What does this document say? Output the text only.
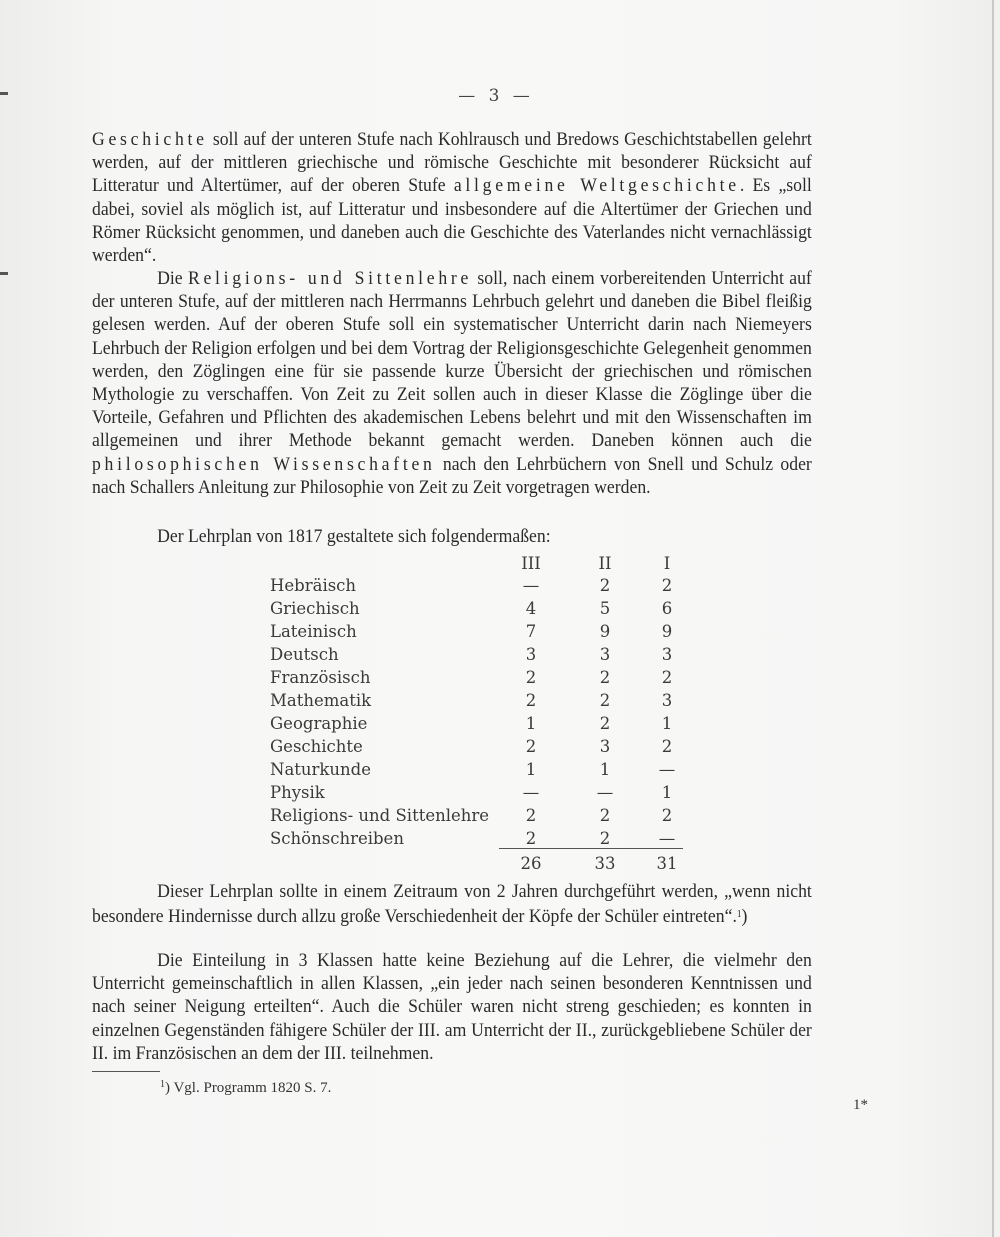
— 3 —

Geschichte soll auf der unteren Stufe nach Kohlrausch und Bredows Geschichtstabellen gelehrt werden, auf der mittleren griechische und römische Geschichte mit besonderer Rücksicht auf Litteratur und Altertümer, auf der oberen Stufe allgemeine Weltgeschichte. Es „soll dabei, soviel als möglich ist, auf Litteratur und insbesondere auf die Altertümer der Griechen und Römer Rücksicht genommen, und daneben auch die Geschichte des Vaterlandes nicht vernachlässigt werden“.

Die Religions- und Sittenlehre soll, nach einem vorbereitenden Unterricht auf der unteren Stufe, auf der mittleren nach Herrmanns Lehrbuch gelehrt und daneben die Bibel fleißig gelesen werden. Auf der oberen Stufe soll ein systematischer Unterricht darin nach Niemeyers Lehrbuch der Religion erfolgen und bei dem Vortrag der Religionsgeschichte Gelegenheit genommen werden, den Zöglingen eine für sie passende kurze Übersicht der griechischen und römischen Mythologie zu verschaffen. Von Zeit zu Zeit sollen auch in dieser Klasse die Zöglinge über die Vorteile, Gefahren und Pflichten des akademischen Lebens belehrt und mit den Wissenschaften im allgemeinen und ihrer Methode bekannt gemacht werden. Daneben können auch die philosophischen Wissenschaften nach den Lehrbüchern von Snell und Schulz oder nach Schallers Anleitung zur Philosophie von Zeit zu Zeit vorgetragen werden.

Der Lehrplan von 1817 gestaltete sich folgendermaßen:

III	II	I
Hebräisch	—	2	2
Griechisch	4	5	6
Lateinisch	7	9	9
Deutsch	3	3	3
Französisch	2	2	2
Mathematik	2	2	3
Geographie	1	2	1
Geschichte	2	3	2
Naturkunde	1	1	—
Physik	—	—	1
Religions- und Sittenlehre	2	2	2
Schönschreiben	2	2	—
26	33	31

Dieser Lehrplan sollte in einem Zeitraum von 2 Jahren durchgeführt werden, „wenn nicht besondere Hindernisse durch allzu große Verschiedenheit der Köpfe der Schüler eintreten“.$^1$)

Die Einteilung in 3 Klassen hatte keine Beziehung auf die Lehrer, die vielmehr den Unterricht gemeinschaftlich in allen Klassen, „ein jeder nach seinen besonderen Kenntnissen und nach seiner Neigung erteilten“. Auch die Schüler waren nicht streng geschieden; es konnten in einzelnen Gegenständen fähigere Schüler der III. am Unterricht der II., zurückgebliebene Schüler der II. im Französischen an dem der III. teilnehmen.

$^1$) Vgl. Programm 1820 S. 7.
1*
